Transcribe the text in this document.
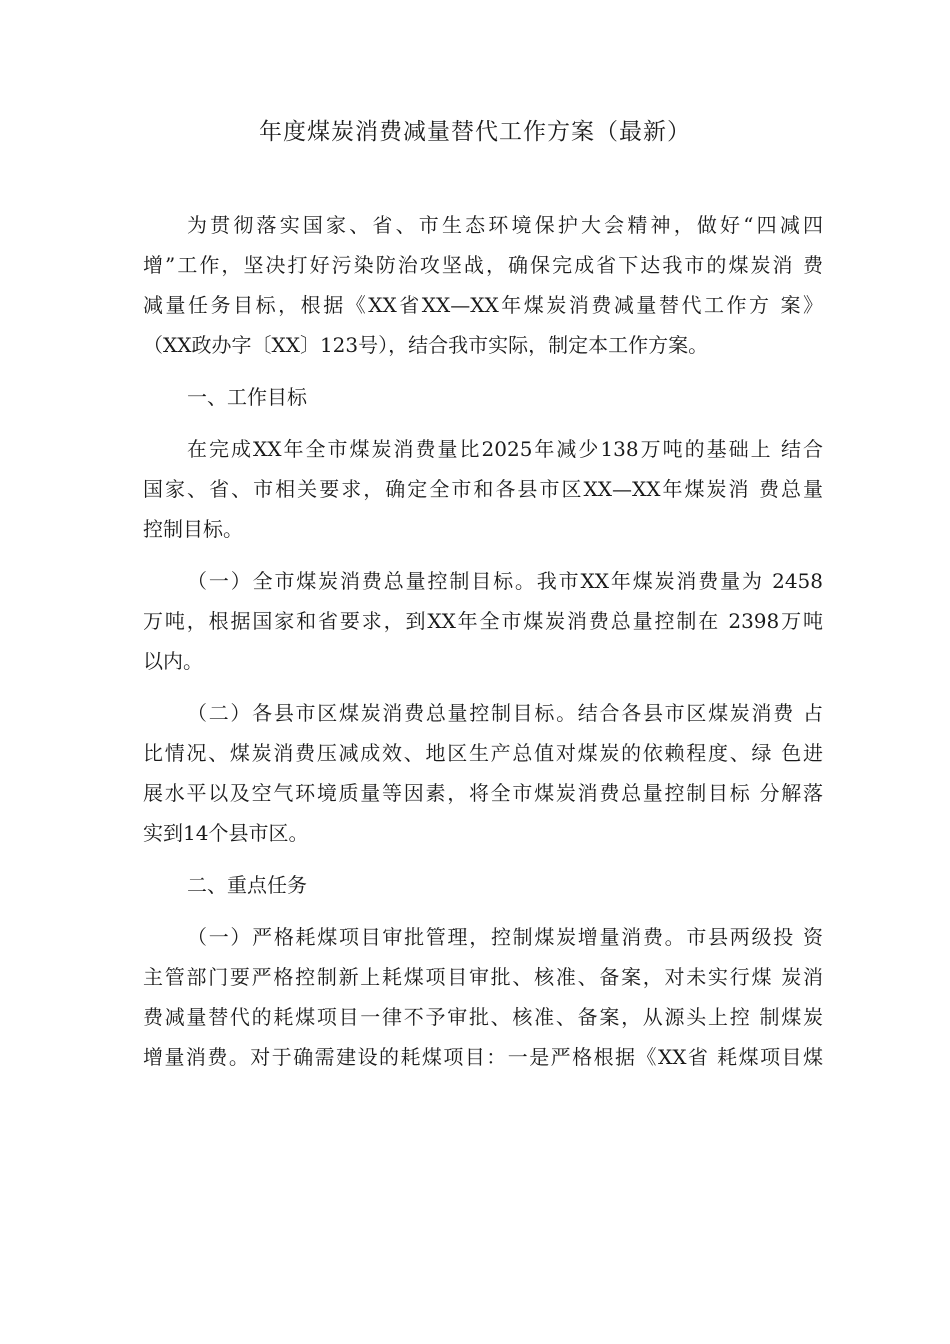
年度煤炭消费减量替代工作方案（最新）
为贯彻落实国家、省、市生态环境保护大会精神，做好“四减四
增”工作，坚决打好污染防治攻坚战，确保完成省下达我市的煤炭消 费
减量任务目标，根据《XX省XX—XX年煤炭消费减量替代工作方 案》
（XX政办字〔XX〕123号），结合我市实际，制定本工作方案。
一、工作目标
在完成XX年全市煤炭消费量比2025年减少138万吨的基础上 结合
国家、省、市相关要求，确定全市和各县市区XX—XX年煤炭消 费总量
控制目标。
（一）全市煤炭消费总量控制目标。我市XX年煤炭消费量为 2458
万吨，根据国家和省要求，到XX年全市煤炭消费总量控制在 2398万吨
以内。
（二）各县市区煤炭消费总量控制目标。结合各县市区煤炭消费 占
比情况、煤炭消费压减成效、地区生产总值对煤炭的依赖程度、绿 色进
展水平以及空气环境质量等因素，将全市煤炭消费总量控制目标 分解落
实到14个县市区。
二、重点任务
（一）严格耗煤项目审批管理，控制煤炭增量消费。市县两级投 资
主管部门要严格控制新上耗煤项目审批、核准、备案，对未实行煤 炭消
费减量替代的耗煤项目一律不予审批、核准、备案，从源头上控 制煤炭
增量消费。对于确需建设的耗煤项目：一是严格根据《XX省 耗煤项目煤
